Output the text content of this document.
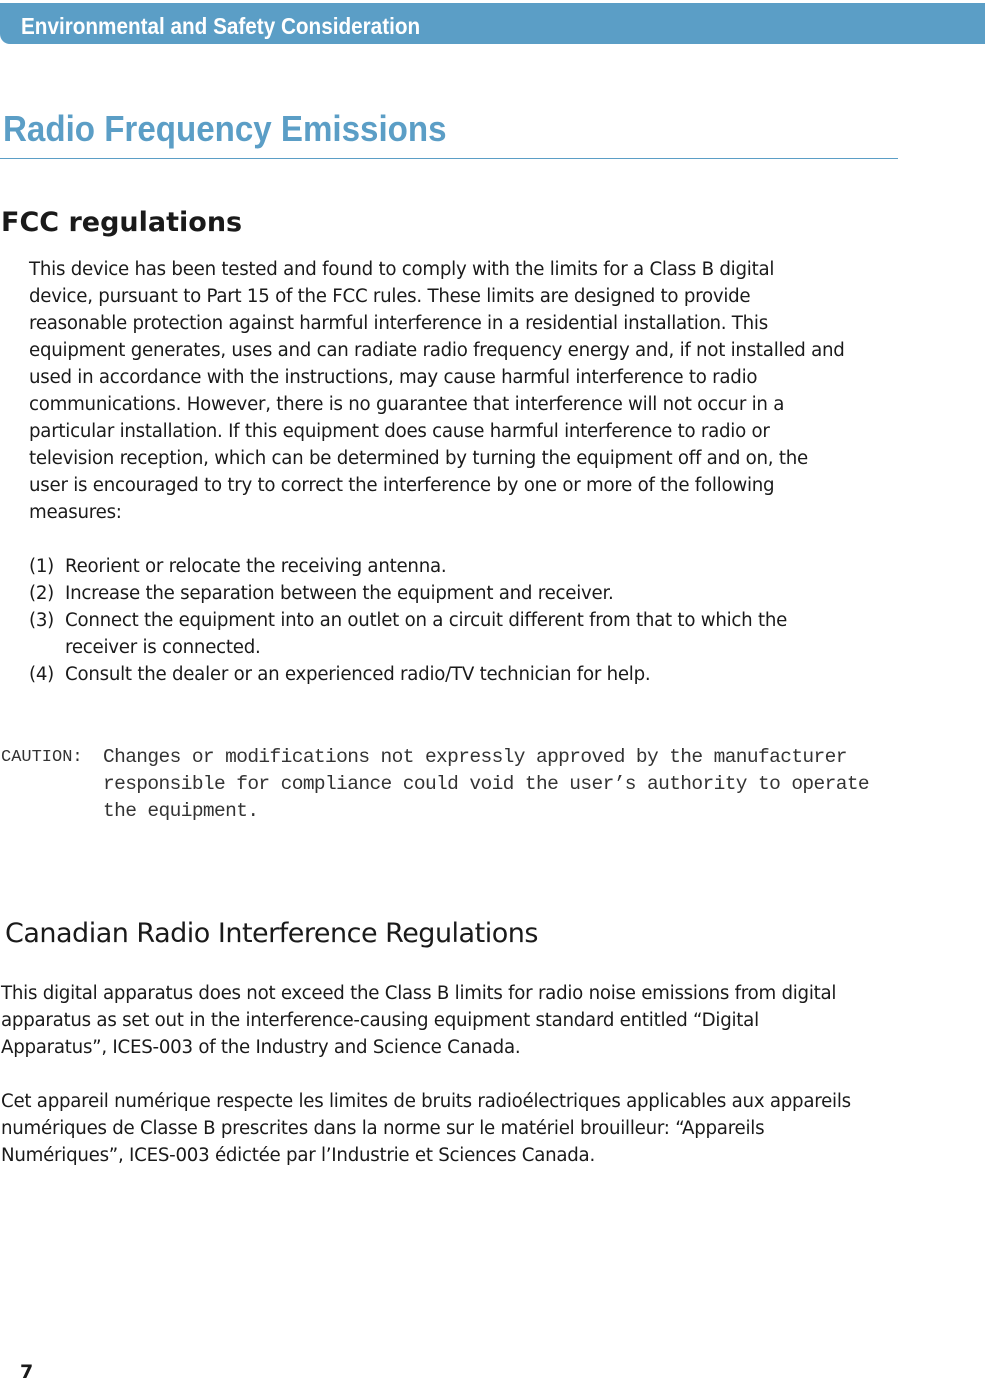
Environmental and Safety Consideration
Radio Frequency Emissions
FCC regulations

This device has been tested and found to comply with the limits for a Class B digital

device, pursuant to Part 15 of the FCC rules. These limits are designed to provide

reasonable protection against harmful interference in a residential installation. This

equipment generates, uses and can radiate radio frequency energy and, if not installed and

used in accordance with the instructions, may cause harmful interference to radio

communications. However, there is no guarantee that interference will not occur in a

particular installation. If this equipment does cause harmful interference to radio or

television reception, which can be determined by turning the equipment off and on, the

user is encouraged to try to correct the interference by one or more of the following

measures:

(1) Reorient or relocate the receiving antenna.
(2) Increase the separation between the equipment and receiver.
(3) Connect the equipment into an outlet on a circuit different from that to which the
receiver is connected.
(4) Consult the dealer or an experienced radio/TV technician for help.
CAUTION:	Changes or modifications not expressly approved by the manufacturer
responsible for compliance could void the user’s authority to operate
the equipment.
Canadian Radio Interference Regulations

This digital apparatus does not exceed the Class B limits for radio noise emissions from digital
apparatus as set out in the interference-causing equipment standard entitled “Digital
Apparatus”, ICES-003 of the Industry and Science Canada.

Cet appareil numérique respecte les limites de bruits radioélectriques applicables aux appareils
numériques de Classe B prescrites dans la norme sur le matériel brouilleur: “Appareils
Numériques”, ICES-003 édictée par l’Industrie et Sciences Canada.

7
